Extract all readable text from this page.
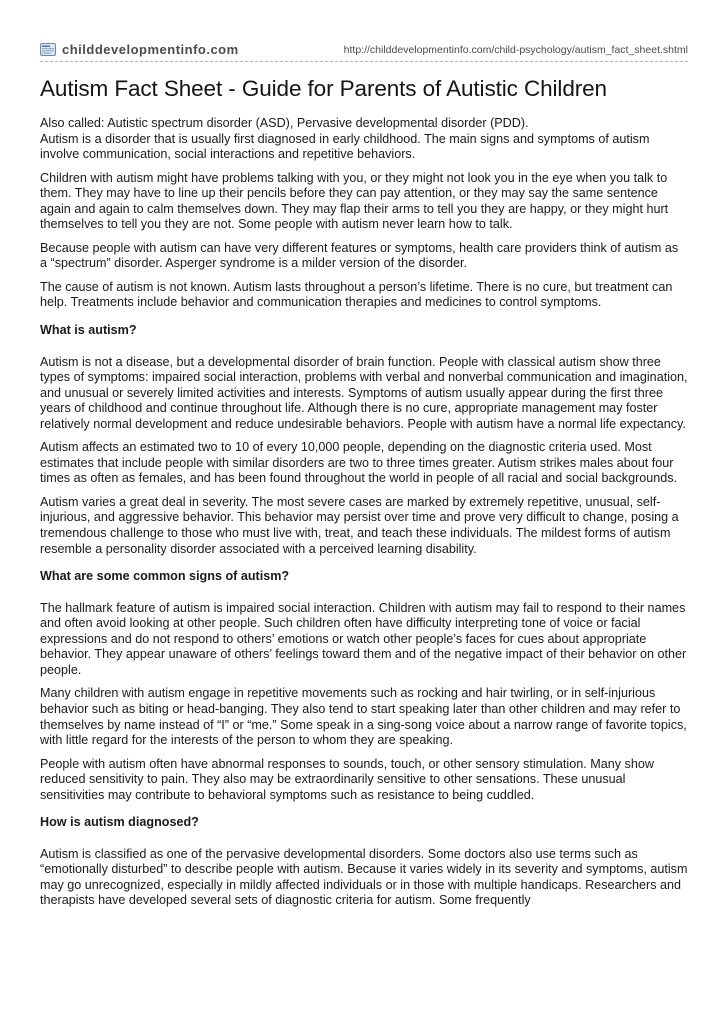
childdevelopmentinfo.com	http://childdevelopmentinfo.com/child-psychology/autism_fact_sheet.shtml
Autism Fact Sheet - Guide for Parents of Autistic Children

Also called: Autistic spectrum disorder (ASD), Pervasive developmental disorder (PDD).

Autism is a disorder that is usually first diagnosed in early childhood. The main signs and symptoms of autism involve communication, social interactions and repetitive behaviors.

Children with autism might have problems talking with you, or they might not look you in the eye when you talk to them. They may have to line up their pencils before they can pay attention, or they may say the same sentence again and again to calm themselves down. They may flap their arms to tell you they are happy, or they might hurt themselves to tell you they are not. Some people with autism never learn how to talk.

Because people with autism can have very different features or symptoms, health care providers think of autism as a “spectrum” disorder. Asperger syndrome is a milder version of the disorder.

The cause of autism is not known. Autism lasts throughout a person’s lifetime. There is no cure, but treatment can help. Treatments include behavior and communication therapies and medicines to control symptoms.

What is autism?

Autism is not a disease, but a developmental disorder of brain function. People with classical autism show three types of symptoms: impaired social interaction, problems with verbal and nonverbal communication and imagination, and unusual or severely limited activities and interests. Symptoms of autism usually appear during the first three years of childhood and continue throughout life. Although there is no cure, appropriate management may foster relatively normal development and reduce undesirable behaviors. People with autism have a normal life expectancy.

Autism affects an estimated two to 10 of every 10,000 people, depending on the diagnostic criteria used. Most estimates that include people with similar disorders are two to three times greater. Autism strikes males about four times as often as females, and has been found throughout the world in people of all racial and social backgrounds.

Autism varies a great deal in severity. The most severe cases are marked by extremely repetitive, unusual, self-injurious, and aggressive behavior. This behavior may persist over time and prove very difficult to change, posing a tremendous challenge to those who must live with, treat, and teach these individuals. The mildest forms of autism resemble a personality disorder associated with a perceived learning disability.

What are some common signs of autism?

The hallmark feature of autism is impaired social interaction. Children with autism may fail to respond to their names and often avoid looking at other people. Such children often have difficulty interpreting tone of voice or facial expressions and do not respond to others’ emotions or watch other people’s faces for cues about appropriate behavior. They appear unaware of others’ feelings toward them and of the negative impact of their behavior on other people.

Many children with autism engage in repetitive movements such as rocking and hair twirling, or in self-injurious behavior such as biting or head-banging. They also tend to start speaking later than other children and may refer to themselves by name instead of “I” or “me.” Some speak in a sing-song voice about a narrow range of favorite topics, with little regard for the interests of the person to whom they are speaking.

People with autism often have abnormal responses to sounds, touch, or other sensory stimulation. Many show reduced sensitivity to pain. They also may be extraordinarily sensitive to other sensations. These unusual sensitivities may contribute to behavioral symptoms such as resistance to being cuddled.

How is autism diagnosed?

Autism is classified as one of the pervasive developmental disorders. Some doctors also use terms such as “emotionally disturbed” to describe people with autism. Because it varies widely in its severity and symptoms, autism may go unrecognized, especially in mildly affected individuals or in those with multiple handicaps. Researchers and therapists have developed several sets of diagnostic criteria for autism. Some frequently
